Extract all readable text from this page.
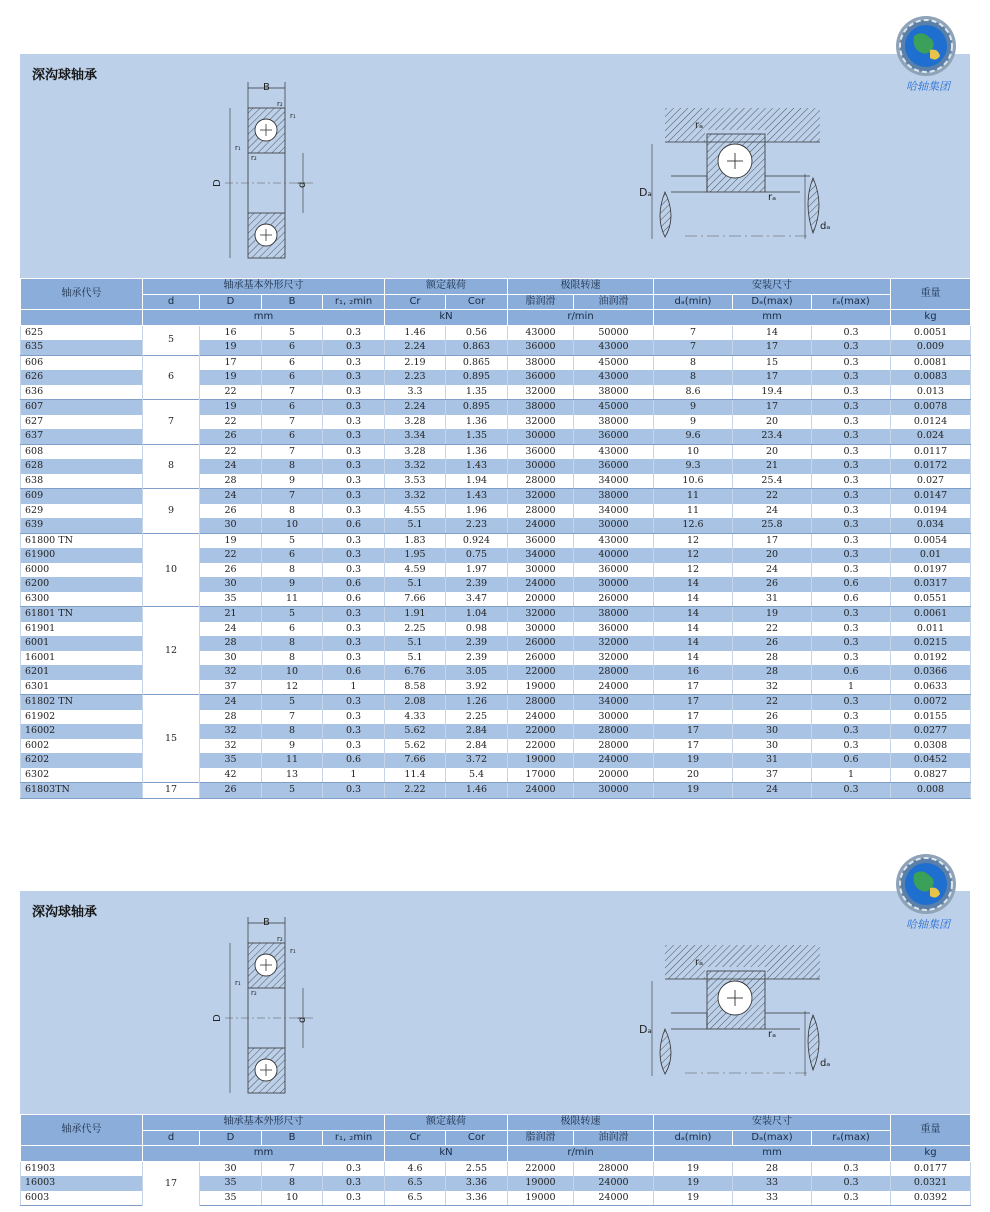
深沟球轴承
哈轴集团
B
D	d
r₂
r₁
r₁
r₂
rₐ
Dₐ	rₐ
dₐ
轴承代号	轴承基本外形尺寸				额定载荷		极限转速		安装尺寸			重量
	d	D	B	r₁, ₂min	Cr	Cor	脂润滑	油润滑	dₐ(min)	Dₐ(max)	rₐ(max)	
	mm				kN		r/min		mm			kg
625	5	16	5	0.3	1.46	0.56	43000	50000	7	14	0.3	0.0051
635		19	6	0.3	2.24	0.863	36000	43000	7	17	0.3	0.009
606	6	17	6	0.3	2.19	0.865	38000	45000	8	15	0.3	0.0081
626		19	6	0.3	2.23	0.895	36000	43000	8	17	0.3	0.0083
636		22	7	0.3	3.3	1.35	32000	38000	8.6	19.4	0.3	0.013
607	7	19	6	0.3	2.24	0.895	38000	45000	9	17	0.3	0.0078
627		22	7	0.3	3.28	1.36	32000	38000	9	20	0.3	0.0124
637		26	6	0.3	3.34	1.35	30000	36000	9.6	23.4	0.3	0.024
608	8	22	7	0.3	3.28	1.36	36000	43000	10	20	0.3	0.0117
628		24	8	0.3	3.32	1.43	30000	36000	9.3	21	0.3	0.0172
638		28	9	0.3	3.53	1.94	28000	34000	10.6	25.4	0.3	0.027
609	9	24	7	0.3	3.32	1.43	32000	38000	11	22	0.3	0.0147
629		26	8	0.3	4.55	1.96	28000	34000	11	24	0.3	0.0194
639		30	10	0.6	5.1	2.23	24000	30000	12.6	25.8	0.3	0.034
61800 TN	10	19	5	0.3	1.83	0.924	36000	43000	12	17	0.3	0.0054
61900		22	6	0.3	1.95	0.75	34000	40000	12	20	0.3	0.01
6000		26	8	0.3	4.59	1.97	30000	36000	12	24	0.3	0.0197
6200		30	9	0.6	5.1	2.39	24000	30000	14	26	0.6	0.0317
6300		35	11	0.6	7.66	3.47	20000	26000	14	31	0.6	0.0551
61801 TN	12	21	5	0.3	1.91	1.04	32000	38000	14	19	0.3	0.0061
61901		24	6	0.3	2.25	0.98	30000	36000	14	22	0.3	0.011
6001		28	8	0.3	5.1	2.39	26000	32000	14	26	0.3	0.0215
16001		30	8	0.3	5.1	2.39	26000	32000	14	28	0.3	0.0192
6201		32	10	0.6	6.76	3.05	22000	28000	16	28	0.6	0.0366
6301		37	12	1	8.58	3.92	19000	24000	17	32	1	0.0633
61802 TN	15	24	5	0.3	2.08	1.26	28000	34000	17	22	0.3	0.0072
61902		28	7	0.3	4.33	2.25	24000	30000	17	26	0.3	0.0155
16002		32	8	0.3	5.62	2.84	22000	28000	17	30	0.3	0.0277
6002		32	9	0.3	5.62	2.84	22000	28000	17	30	0.3	0.0308
6202		35	11	0.6	7.66	3.72	19000	24000	19	31	0.6	0.0452
6302		42	13	1	11.4	5.4	17000	20000	20	37	1	0.0827
61803TN	17	26	5	0.3	2.22	1.46	24000	30000	19	24	0.3	0.008
深沟球轴承
哈轴集团
B
D	d
r₂
r₁
r₁
r₂
rₐ
Dₐ	rₐ
dₐ
轴承代号	轴承基本外形尺寸				额定载荷		极限转速		安装尺寸			重量
	d	D	B	r₁, ₂min	Cr	Cor	脂润滑	油润滑	dₐ(min)	Dₐ(max)	rₐ(max)	
	mm				kN		r/min		mm			kg
61903	17	30	7	0.3	4.6	2.55	22000	28000	19	28	0.3	0.0177
16003		35	8	0.3	6.5	3.36	19000	24000	19	33	0.3	0.0321
6003		35	10	0.3	6.5	3.36	19000	24000	19	33	0.3	0.0392
